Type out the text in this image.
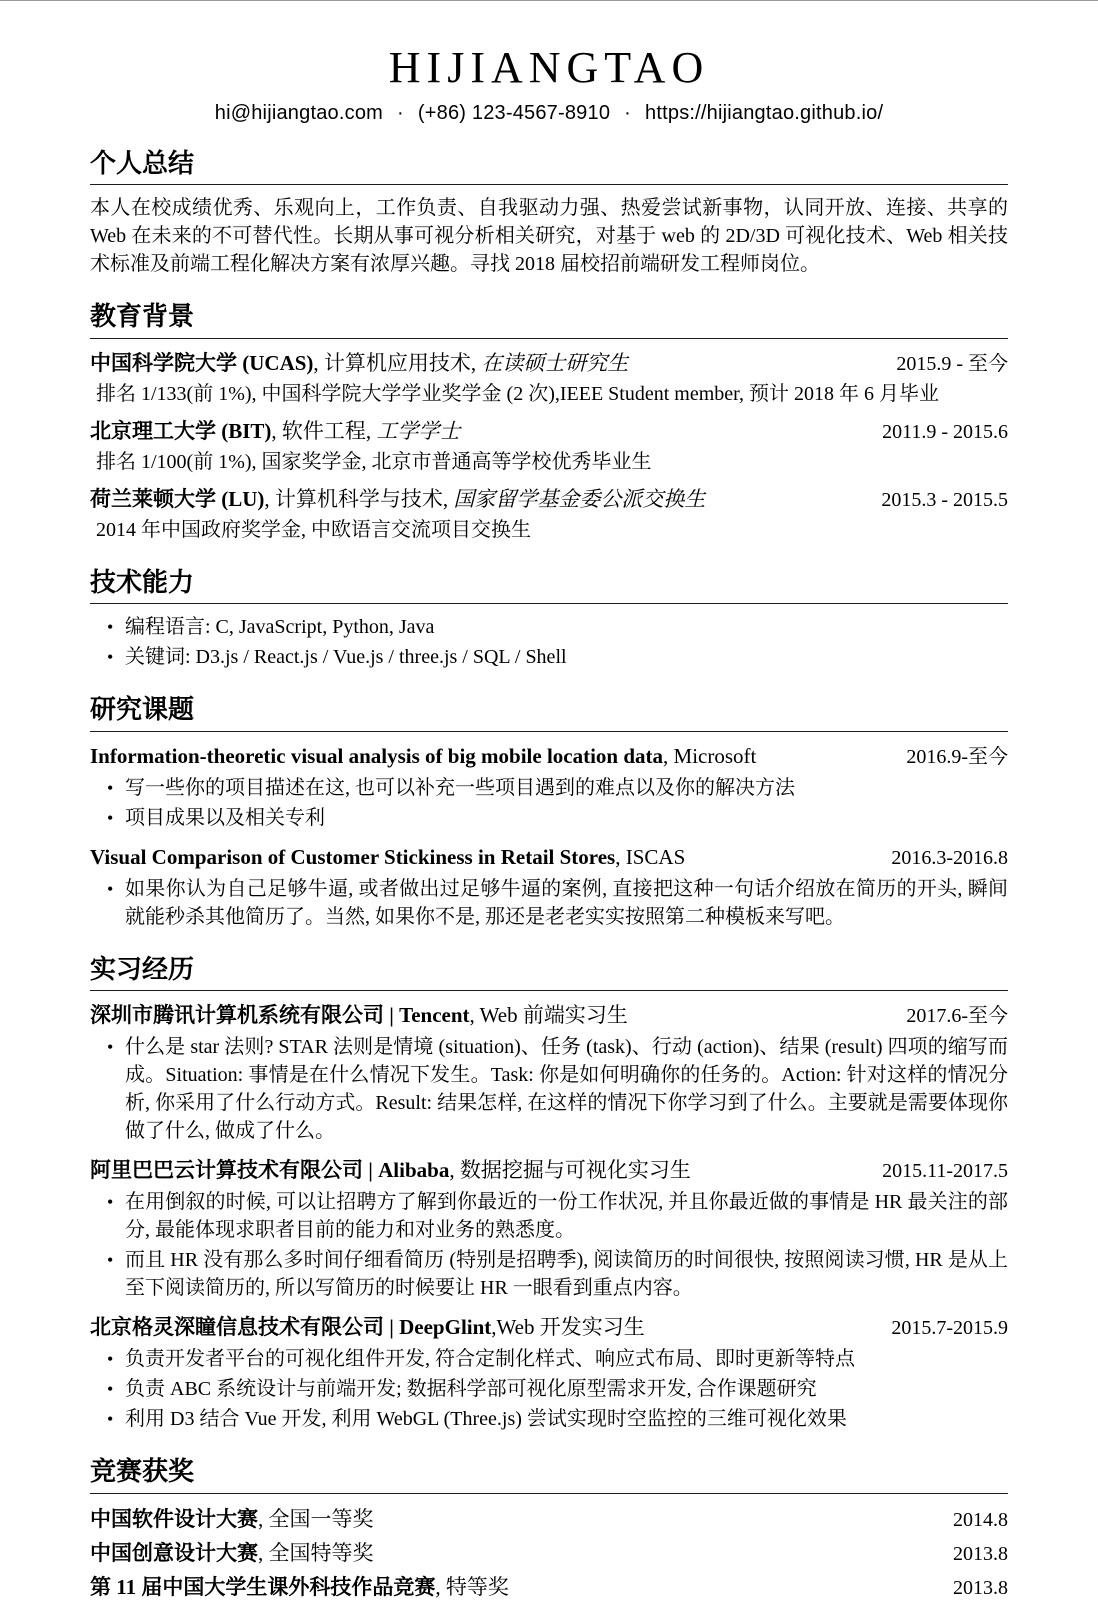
HIJIANGTAO
hi@hijiangtao.com · (+86) 123-4567-8910 · https://hijiangtao.github.io/
个人总结

本人在校成绩优秀、乐观向上，工作负责、自我驱动力强、热爱尝试新事物，认同开放、连接、共享的 Web 在未来的不可替代性。长期从事可视分析相关研究，对基于 web 的 2D/3D 可视化技术、Web 相关技术标准及前端工程化解决方案有浓厚兴趣。寻找 2018 届校招前端研发工程师岗位。

教育背景
中国科学院大学 (UCAS), 计算机应用技术, 在读硕士研究生	2015.9 - 至今
排名 1/133(前 1%), 中国科学院大学学业奖学金 (2 次),IEEE Student member, 预计 2018 年 6 月毕业
北京理工大学 (BIT), 软件工程, 工学学士	2011.9 - 2015.6
排名 1/100(前 1%), 国家奖学金, 北京市普通高等学校优秀毕业生
荷兰莱顿大学 (LU), 计算机科学与技术, 国家留学基金委公派交换生	2015.3 - 2015.5
2014 年中国政府奖学金, 中欧语言交流项目交换生
技术能力
• 编程语言: C, JavaScript, Python, Java
• 关键词: D3.js / React.js / Vue.js / three.js / SQL / Shell
研究课题
Information-theoretic visual analysis of big mobile location data, Microsoft	2016.9-至今
• 写一些你的项目描述在这, 也可以补充一些项目遇到的难点以及你的解决方法
• 项目成果以及相关专利
Visual Comparison of Customer Stickiness in Retail Stores, ISCAS	2016.3-2016.8
• 如果你认为自己足够牛逼, 或者做出过足够牛逼的案例, 直接把这种一句话介绍放在简历的开头, 瞬间就能秒杀其他简历了。当然, 如果你不是, 那还是老老实实按照第二种模板来写吧。
实习经历
深圳市腾讯计算机系统有限公司 | Tencent, Web 前端实习生	2017.6-至今
• 什么是 star 法则? STAR 法则是情境 (situation)、任务 (task)、行动 (action)、结果 (result) 四项的缩写而成。Situation: 事情是在什么情况下发生。Task: 你是如何明确你的任务的。Action: 针对这样的情况分析, 你采用了什么行动方式。Result: 结果怎样, 在这样的情况下你学习到了什么。主要就是需要体现你做了什么, 做成了什么。
阿里巴巴云计算技术有限公司 | Alibaba, 数据挖掘与可视化实习生	2015.11-2017.5
• 在用倒叙的时候, 可以让招聘方了解到你最近的一份工作状况, 并且你最近做的事情是 HR 最关注的部分, 最能体现求职者目前的能力和对业务的熟悉度。
• 而且 HR 没有那么多时间仔细看简历 (特别是招聘季), 阅读简历的时间很快, 按照阅读习惯, HR 是从上至下阅读简历的, 所以写简历的时候要让 HR 一眼看到重点内容。
北京格灵深瞳信息技术有限公司 | DeepGlint,Web 开发实习生	2015.7-2015.9
• 负责开发者平台的可视化组件开发, 符合定制化样式、响应式布局、即时更新等特点
• 负责 ABC 系统设计与前端开发; 数据科学部可视化原型需求开发, 合作课题研究
• 利用 D3 结合 Vue 开发, 利用 WebGL (Three.js) 尝试实现时空监控的三维可视化效果
竞赛获奖
中国软件设计大赛, 全国一等奖	2014.8
中国创意设计大赛, 全国特等奖	2013.8
第 11 届中国大学生课外科技作品竞赛, 特等奖	2013.8
